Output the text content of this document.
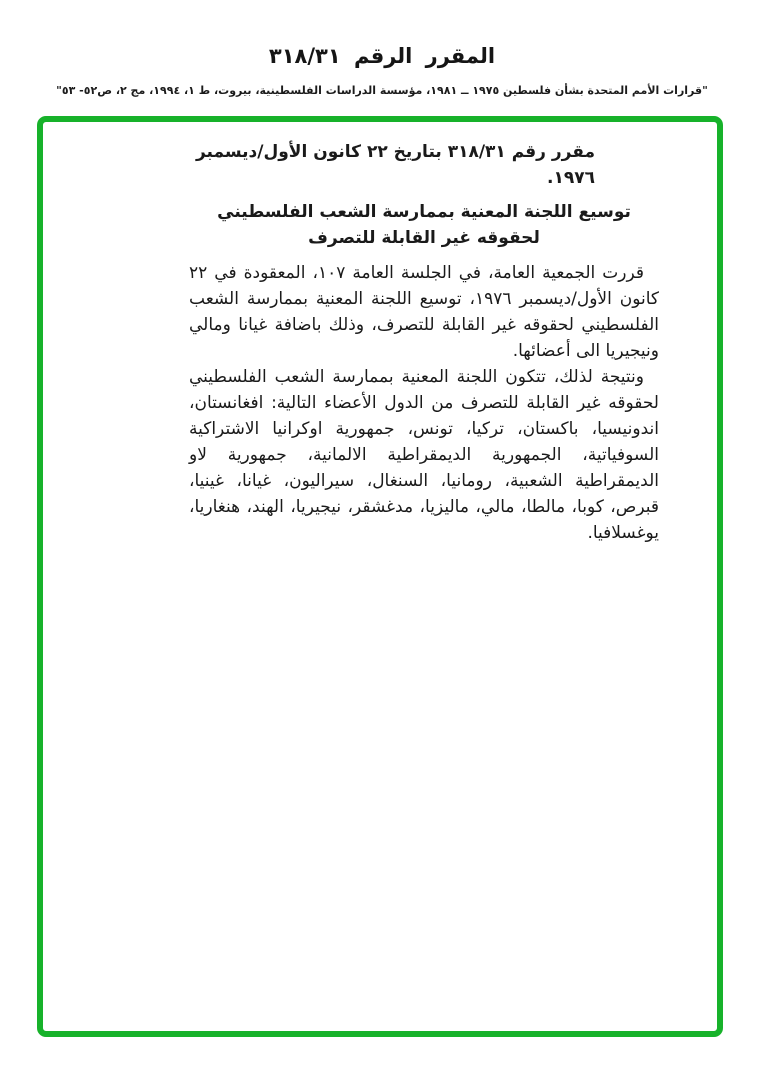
المقرر الرقم ٣١٨/٣١
"قرارات الأمم المتحدة بشأن فلسطين ١٩٧٥ ــ ١٩٨١، مؤسسة الدراسات الفلسطينية، بيروت، ط ١، ١٩٩٤، مج ٢، ص٥٢- ٥٣"

مقرر رقم ٣١٨/٣١ بتاريخ ٢٢ كانون الأول/ديسمبر ١٩٧٦.

توسيع اللجنة المعنية بممارسة الشعب الفلسطيني
لحقوقه غير القابلة للتصرف

قررت الجمعية العامة، في الجلسة العامة ١٠٧، المعقودة في ٢٢ كانون الأول/ديسمبر ١٩٧٦، توسيع اللجنة المعنية بممارسة الشعب الفلسطيني لحقوقه غير القابلة للتصرف، وذلك باضافة غيانا ومالي ونيجيريا الى أعضائها.

ونتيجة لذلك، تتكون اللجنة المعنية بممارسة الشعب الفلسطيني لحقوقه غير القابلة للتصرف من الدول الأعضاء التالية: افغانستان، اندونيسيا، باكستان، تركيا، تونس، جمهورية اوكرانيا الاشتراكية السوفياتية، الجمهورية الديمقراطية الالمانية، جمهورية لاو الديمقراطية الشعبية، رومانيا، السنغال، سيراليون، غيانا، غينيا، قبرص، كوبا، مالطا، مالي، ماليزيا، مدغشقر، نيجيريا، الهند، هنغاريا، يوغسلافيا.
